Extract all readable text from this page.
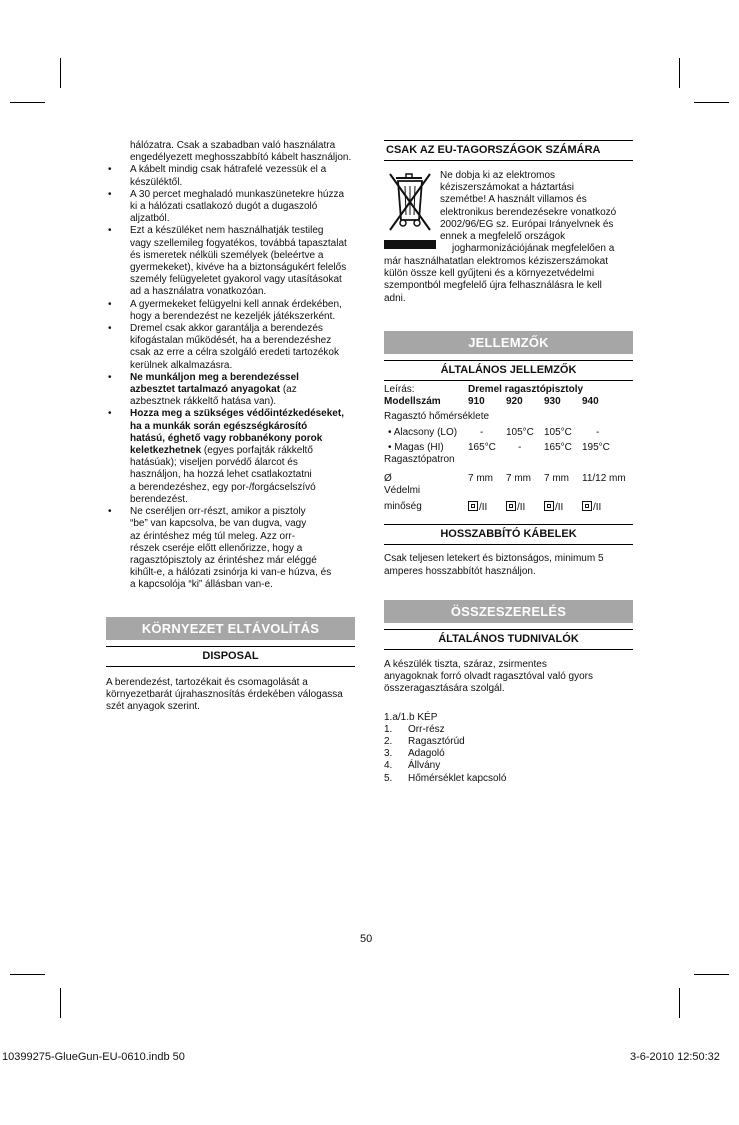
hálózatra. Csak a szabadban való használatra
engedélyezett meghosszabbító kábelt használjon.
• A kábelt mindig csak hátrafelé vezessük el a
készüléktől.
• A 30 percet meghaladó munkaszünetekre húzza
ki a hálózati csatlakozó dugót a dugaszoló
aljzatból.
• Ezt a készüléket nem használhatják testileg
vagy szellemileg fogyatékos, továbbá tapasztalat
és ismeretek nélküli személyek (beleértve a
gyermekeket), kivéve ha a biztonságukért felelős
személy felügyeletet gyakorol vagy utasításokat
ad a használatra vonatkozóan.
• A gyermekeket felügyelni kell annak érdekében,
hogy a berendezést ne kezeljék játékszerként.
• Dremel csak akkor garantálja a berendezés
kifogástalan működését, ha a berendezéshez
csak az erre a célra szolgáló eredeti tartozékok
kerülnek alkalmazásra.
• Ne munkáljon meg a berendezéssel
azbesztet tartalmazó anyagokat (az
azbesztnek rákkeltő hatása van).
• Hozza meg a szükséges védőintézkedéseket,
ha a munkák során egészségkárosító
hatású, éghető vagy robbanékony porok
keletkezhetnek (egyes porfajták rákkeltő
hatásúak); viseljen porvédő álarcot és
használjon, ha hozzá lehet csatlakoztatni
a berendezéshez, egy por-/forgácselszívó
berendezést.
• Ne cseréljen orr-részt, amikor a pisztoly
“be” van kapcsolva, be van dugva, vagy
az érintéshez még túl meleg. Azz orr-
részek cseréje előtt ellenőrizze, hogy a
ragasztópisztoly az érintéshez már eléggé
kihűlt-e, a hálózati zsinórja ki van-e húzva, és
a kapcsolója “ki” állásban van-e.
KÖRNYEZET ELTÁVOLÍTÁS
DISPOSAL
A berendezést, tartozékait és csomagolását a
környezetbarát újrahasznosítás érdekében válogassa
szét anyagok szerint.
CSAK AZ EU-TAGORSZÁGOK SZÁMÁRA
Ne dobja ki az elektromos
kéziszerszámokat a háztartási
szemétbe! A használt villamos és
elektronikus berendezésekre vonatkozó
2002/96/EG sz. Európai Irányelvnek és
ennek a megfelelő országok
jogharmonizációjának megfelelően a
már használhatatlan elektromos kéziszerszámokat
külön össze kell gyűjteni és a környezetvédelmi
szempontból megfelelő újra felhasználásra le kell
adni.
JELLEMZŐK
ÁLTALÁNOS JELLEMZŐK
Leírás:	Dremel ragasztópisztoly			
Modellszám	910	920	930	940
Ragasztó hőmérséklete				
• Alacsony (LO)	-	105°C	105°C	-
• Magas (HI)	165°C	-	165°C	195°C
Ragasztópatron				
Ø	7 mm	7 mm	7 mm	11/12 mm
Védelmi				
minőség	/II	/II	/II	/II
HOSSZABBÍTÓ KÁBELEK
Csak teljesen letekert és biztonságos, minimum 5
amperes hosszabbítót használjon.
ÖSSZESZERELÉS
ÁLTALÁNOS TUDNIVALÓK
A készülék tiszta, száraz, zsirmentes
anyagoknak forró olvadt ragasztóval való gyors
összeragasztására szolgál.
1.a/1.b KÉP
1.	Orr-rész
2.	Ragasztórúd
3.	Adagoló
4.	Állvány
5.	Hőmérséklet kapcsoló
50
10399275-GlueGun-EU-0610.indb 50	3-6-2010 12:50:32
